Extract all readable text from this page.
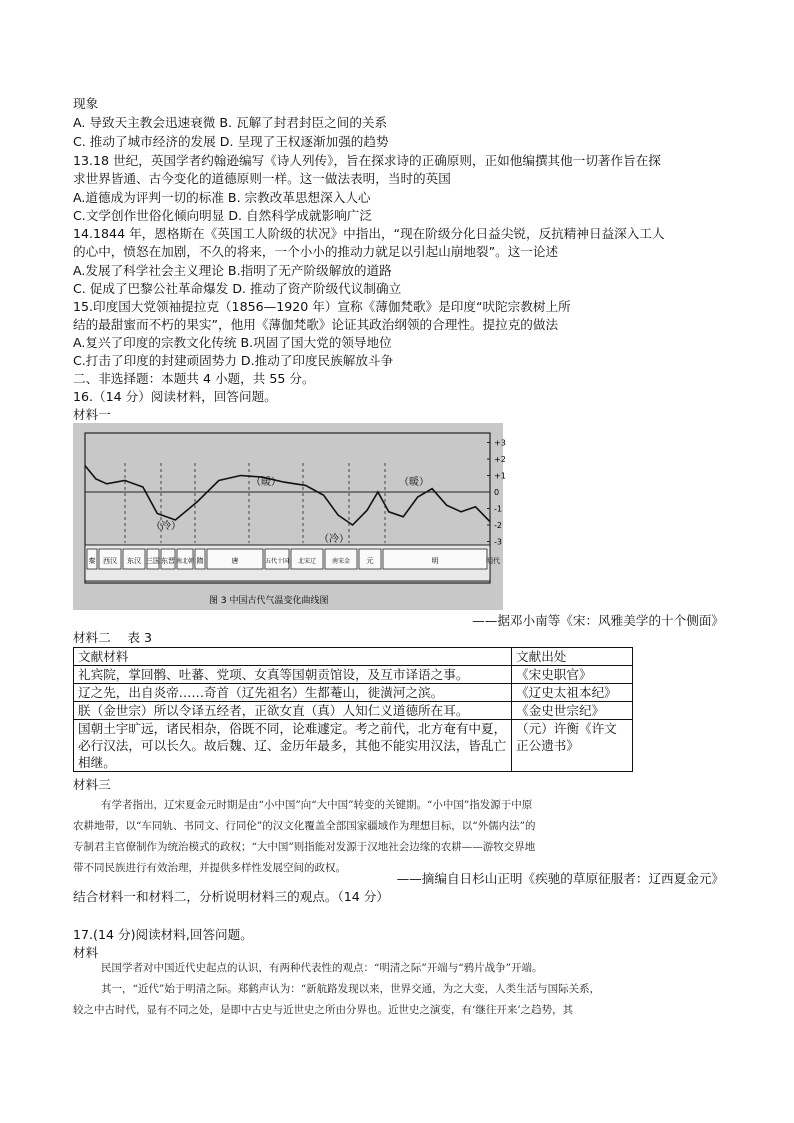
现象
A. 导致天主教会迅速衰微 B. 瓦解了封君封臣之间的关系
C. 推动了城市经济的发展 D. 呈现了王权逐渐加强的趋势
13.18 世纪，英国学者约翰逊编写《诗人列传》，旨在探求诗的正确原则，正如他编撰其他一切著作旨在探
求世界皆通、古今变化的道德原则一样。这一做法表明，当时的英国
A.道德成为评判一切的标准 B. 宗教改革思想深入人心
C.文学创作世俗化倾向明显 D. 自然科学成就影响广泛
14.1844 年，恩格斯在《英国工人阶级的状况》中指出，“现在阶级分化日益尖锐，反抗精神日益深入工人
的心中，愤怒在加剧，不久的将来，一个小小的推动力就足以引起山崩地裂”。这一论述
A.发展了科学社会主义理论 B.指明了无产阶级解放的道路
C. 促成了巴黎公社革命爆发 D. 推动了资产阶级代议制确立
15.印度国大党领袖提拉克（1856—1920 年）宣称《薄伽梵歌》是印度“吠陀宗教树上所
结的最甜蜜而不朽的果实”，他用《薄伽梵歌》论证其政治纲领的合理性。提拉克的做法
A.复兴了印度的宗教文化传统 B.巩固了国大党的领导地位
C.打击了印度的封建顽固势力 D.推动了印度民族解放斗争
二、非选择题：本题共 4 小题，共 55 分。
16.（14 分）阅读材料，回答问题。
材料一
+3
+2
+1
0
-1
-2
-3
（暖）	（暖）
（冷）
（冷）
秦 西汉 东汉 三国 东晋 南北朝 隋	唐	五代十国 北宋辽	南宋金 元	明	明代
图 3 中国古代气温变化曲线图
——据邓小南等《宋：风雅美学的十个侧面》
材料二　 表 3
文献材料	文献出处
礼宾院，掌回鹘、吐蕃、党项、女真等国朝贡馆设，及互市译语之事。	《宋史职官》
辽之先，出自炎帝……奇首（辽先祖名）生都菴山，徙潢河之滨。	《辽史太祖本纪》
朕（金世宗）所以令译五经者，正欲女直（真）人知仁义道德所在耳。	《金史世宗纪》
国朝土宇旷远，诸民相杂，俗既不同，论难遽定。考之前代，北方奄有中夏，必行汉法，可以长久。故后魏、辽、金历年最多，其他不能实用汉法，皆乱亡相继。	（元）许衡《许文正公遗书》
材料三
有学者指出，辽宋夏金元时期是由“小中国”向“大中国”转变的关键期。“小中国”指发源于中原
农耕地带，以“车同轨、书同文、行同伦”的汉文化覆盖全部国家疆域作为理想目标，以“外儒内法”的
专制君主官僚制作为统治模式的政权；“大中国”则指能对发源于汉地社会边缘的农耕——游牧交界地
带不同民族进行有效治理，并提供多样性发展空间的政权。
——摘编自日杉山正明《疾驰的草原征服者：辽西夏金元》
结合材料一和材料二，分析说明材料三的观点。（14 分）
17.(14 分)阅读材料,回答问题。
材料
民国学者对中国近代史起点的认识，有两种代表性的观点：“明清之际”开端与“鸦片战争”开端。
其一，“近代”始于明清之际。郑鹤声认为：“新航路发现以来，世界交通，为之大变，人类生活与国际关系，
较之中古时代，显有不同之处，是即中古史与近世史之所由分界也。近世史之演变，有‘继往开来’之趋势，其
